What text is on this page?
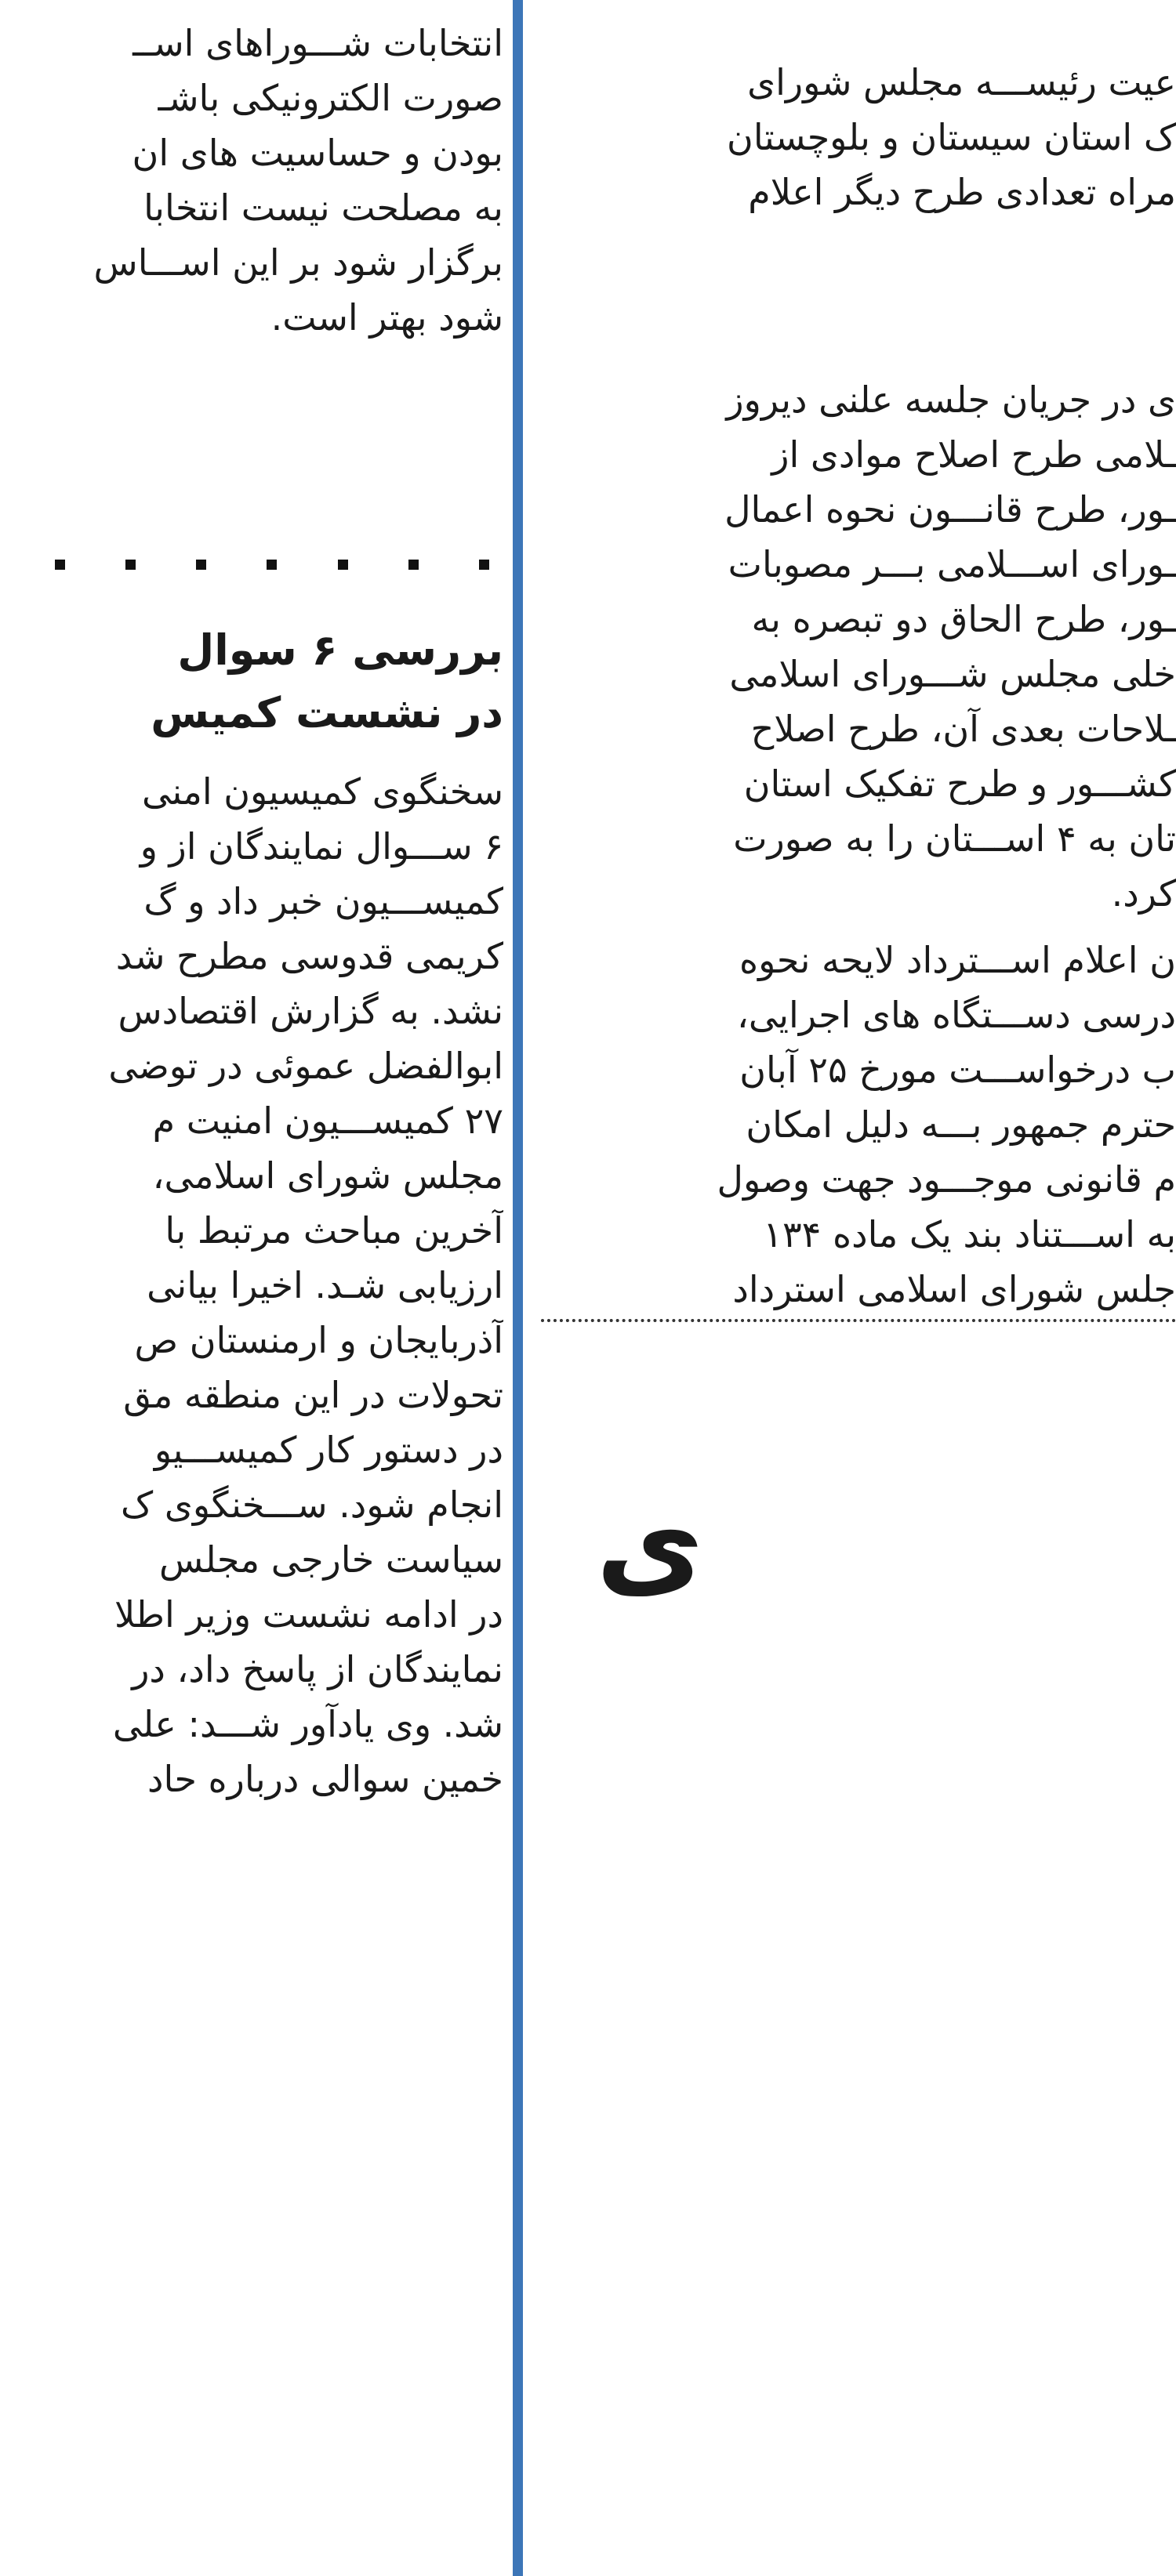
انتخابات شـــوراهای اســ
صورت الکترونیکی باشـ
بودن و حساسیت های ان
به مصلحت نیست انتخابا
برگزار شود بر این اســـاس
شود بهتر است.
بررسی ۶ سوال
در نشست کمیس
سخنگوی کمیسیون امنی
۶ ســـوال نمایندگان از و
کمیســـیون خبر داد و گ
کریمی قدوسی مطرح شد
نشد. به گزارش اقتصادس
ابوالفضل عموئی در توضی
۲۷ کمیســـیون امنیت م
مجلس شورای اسلامی،
آخرین مباحث مرتبط با
ارزیابی شـد. اخیرا بیانی
آذربایجان و ارمنستان ص
تحولات در این منطقه مق
در دستور کار کمیســـیو
انجام شود. ســـخنگوی ک
سیاست خارجی مجلس
در ادامه نشست وزیر اطلا
نمایندگان از پاسخ داد، در
شد. وی یادآور شـــد: علی
خمین سوالی درباره حاد
عیت رئیســـه مجلس شورای
ک استان سیستان و بلوچستان
مراه تعدادی طرح دیگر اعلام
ی در جریان جلسه علنی دیروز
ـلامی طرح اصلاح موادی از
ـور، طرح قانـــون نحوه اعمال
ـورای اســـلامی بـــر مصوبات
ـور، طرح الحاق دو تبصره به
خلی مجلس شـــورای اسلامی
ـلاحات بعدی آن، طرح اصلاح
کشـــور و طرح تفکیک استان
تان به ۴ اســـتان را به صورت
کرد.
ن اعلام اســـترداد لایحه نحوه
درسی دســـتگاه های اجرایی،
ب درخواســـت مورخ ۲۵ آبان
حترم جمهور بـــه دلیل امکان
م قانونی موجـــود جهت وصول
به اســـتناد بند یک ماده ۱۳۴
جلس شورای اسلامی استرداد
ی
